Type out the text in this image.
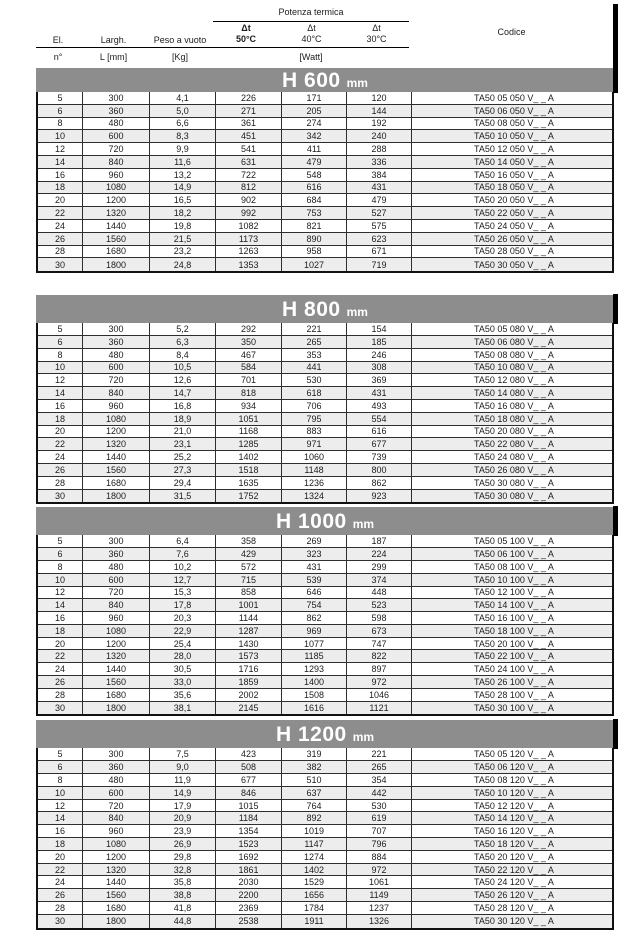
Potenza termica
El.	Largh.	Peso a vuoto
Δt
50°C
Δt
40°C
Δt
30°C
Codice
n°	L [mm]	[Kg]	[Watt]
H 600 mm
5	300	4,1	226	171	120	TA50 05 050 V_ _ A
6	360	5,0	271	205	144	TA50 06 050 V_ _ A
8	480	6,6	361	274	192	TA50 08 050 V_ _ A
10	600	8,3	451	342	240	TA50 10 050 V_ _ A
12	720	9,9	541	411	288	TA50 12 050 V_ _ A
14	840	11,6	631	479	336	TA50 14 050 V_ _ A
16	960	13,2	722	548	384	TA50 16 050 V_ _ A
18	1080	14,9	812	616	431	TA50 18 050 V_ _ A
20	1200	16,5	902	684	479	TA50 20 050 V_ _ A
22	1320	18,2	992	753	527	TA50 22 050 V_ _ A
24	1440	19,8	1082	821	575	TA50 24 050 V_ _ A
26	1560	21,5	1173	890	623	TA50 26 050 V_ _ A
28	1680	23,2	1263	958	671	TA50 28 050 V_ _ A
30	1800	24,8	1353	1027	719	TA50 30 050 V_ _ A
H 800 mm
5	300	5,2	292	221	154	TA50 05 080 V_ _ A
6	360	6,3	350	265	185	TA50 06 080 V_ _ A
8	480	8,4	467	353	246	TA50 08 080 V_ _ A
10	600	10,5	584	441	308	TA50 10 080 V_ _ A
12	720	12,6	701	530	369	TA50 12 080 V_ _ A
14	840	14,7	818	618	431	TA50 14 080 V_ _ A
16	960	16,8	934	706	493	TA50 16 080 V_ _ A
18	1080	18,9	1051	795	554	TA50 18 080 V_ _ A
20	1200	21,0	1168	883	616	TA50 20 080 V_ _ A
22	1320	23,1	1285	971	677	TA50 22 080 V_ _ A
24	1440	25,2	1402	1060	739	TA50 24 080 V_ _ A
26	1560	27,3	1518	1148	800	TA50 26 080 V_ _ A
28	1680	29,4	1635	1236	862	TA50 30 080 V_ _ A
30	1800	31,5	1752	1324	923	TA50 30 080 V_ _ A
H 1000 mm
5	300	6,4	358	269	187	TA50 05 100 V_ _ A
6	360	7,6	429	323	224	TA50 06 100 V_ _ A
8	480	10,2	572	431	299	TA50 08 100 V_ _ A
10	600	12,7	715	539	374	TA50 10 100 V_ _ A
12	720	15,3	858	646	448	TA50 12 100 V_ _ A
14	840	17,8	1001	754	523	TA50 14 100 V_ _ A
16	960	20,3	1144	862	598	TA50 16 100 V_ _ A
18	1080	22,9	1287	969	673	TA50 18 100 V_ _ A
20	1200	25,4	1430	1077	747	TA50 20 100 V_ _ A
22	1320	28,0	1573	1185	822	TA50 22 100 V_ _ A
24	1440	30,5	1716	1293	897	TA50 24 100 V_ _ A
26	1560	33,0	1859	1400	972	TA50 26 100 V_ _ A
28	1680	35,6	2002	1508	1046	TA50 28 100 V_ _ A
30	1800	38,1	2145	1616	1121	TA50 30 100 V_ _ A
H 1200 mm
5	300	7,5	423	319	221	TA50 05 120 V_ _ A
6	360	9,0	508	382	265	TA50 06 120 V_ _ A
8	480	11,9	677	510	354	TA50 08 120 V_ _ A
10	600	14,9	846	637	442	TA50 10 120 V_ _ A
12	720	17,9	1015	764	530	TA50 12 120 V_ _ A
14	840	20,9	1184	892	619	TA50 14 120 V_ _ A
16	960	23,9	1354	1019	707	TA50 16 120 V_ _ A
18	1080	26,9	1523	1147	796	TA50 18 120 V_ _ A
20	1200	29,8	1692	1274	884	TA50 20 120 V_ _ A
22	1320	32,8	1861	1402	972	TA50 22 120 V_ _ A
24	1440	35,8	2030	1529	1061	TA50 24 120 V_ _ A
26	1560	38,8	2200	1656	1149	TA50 26 120 V_ _ A
28	1680	41,8	2369	1784	1237	TA50 28 120 V_ _ A
30	1800	44,8	2538	1911	1326	TA50 30 120 V_ _ A
